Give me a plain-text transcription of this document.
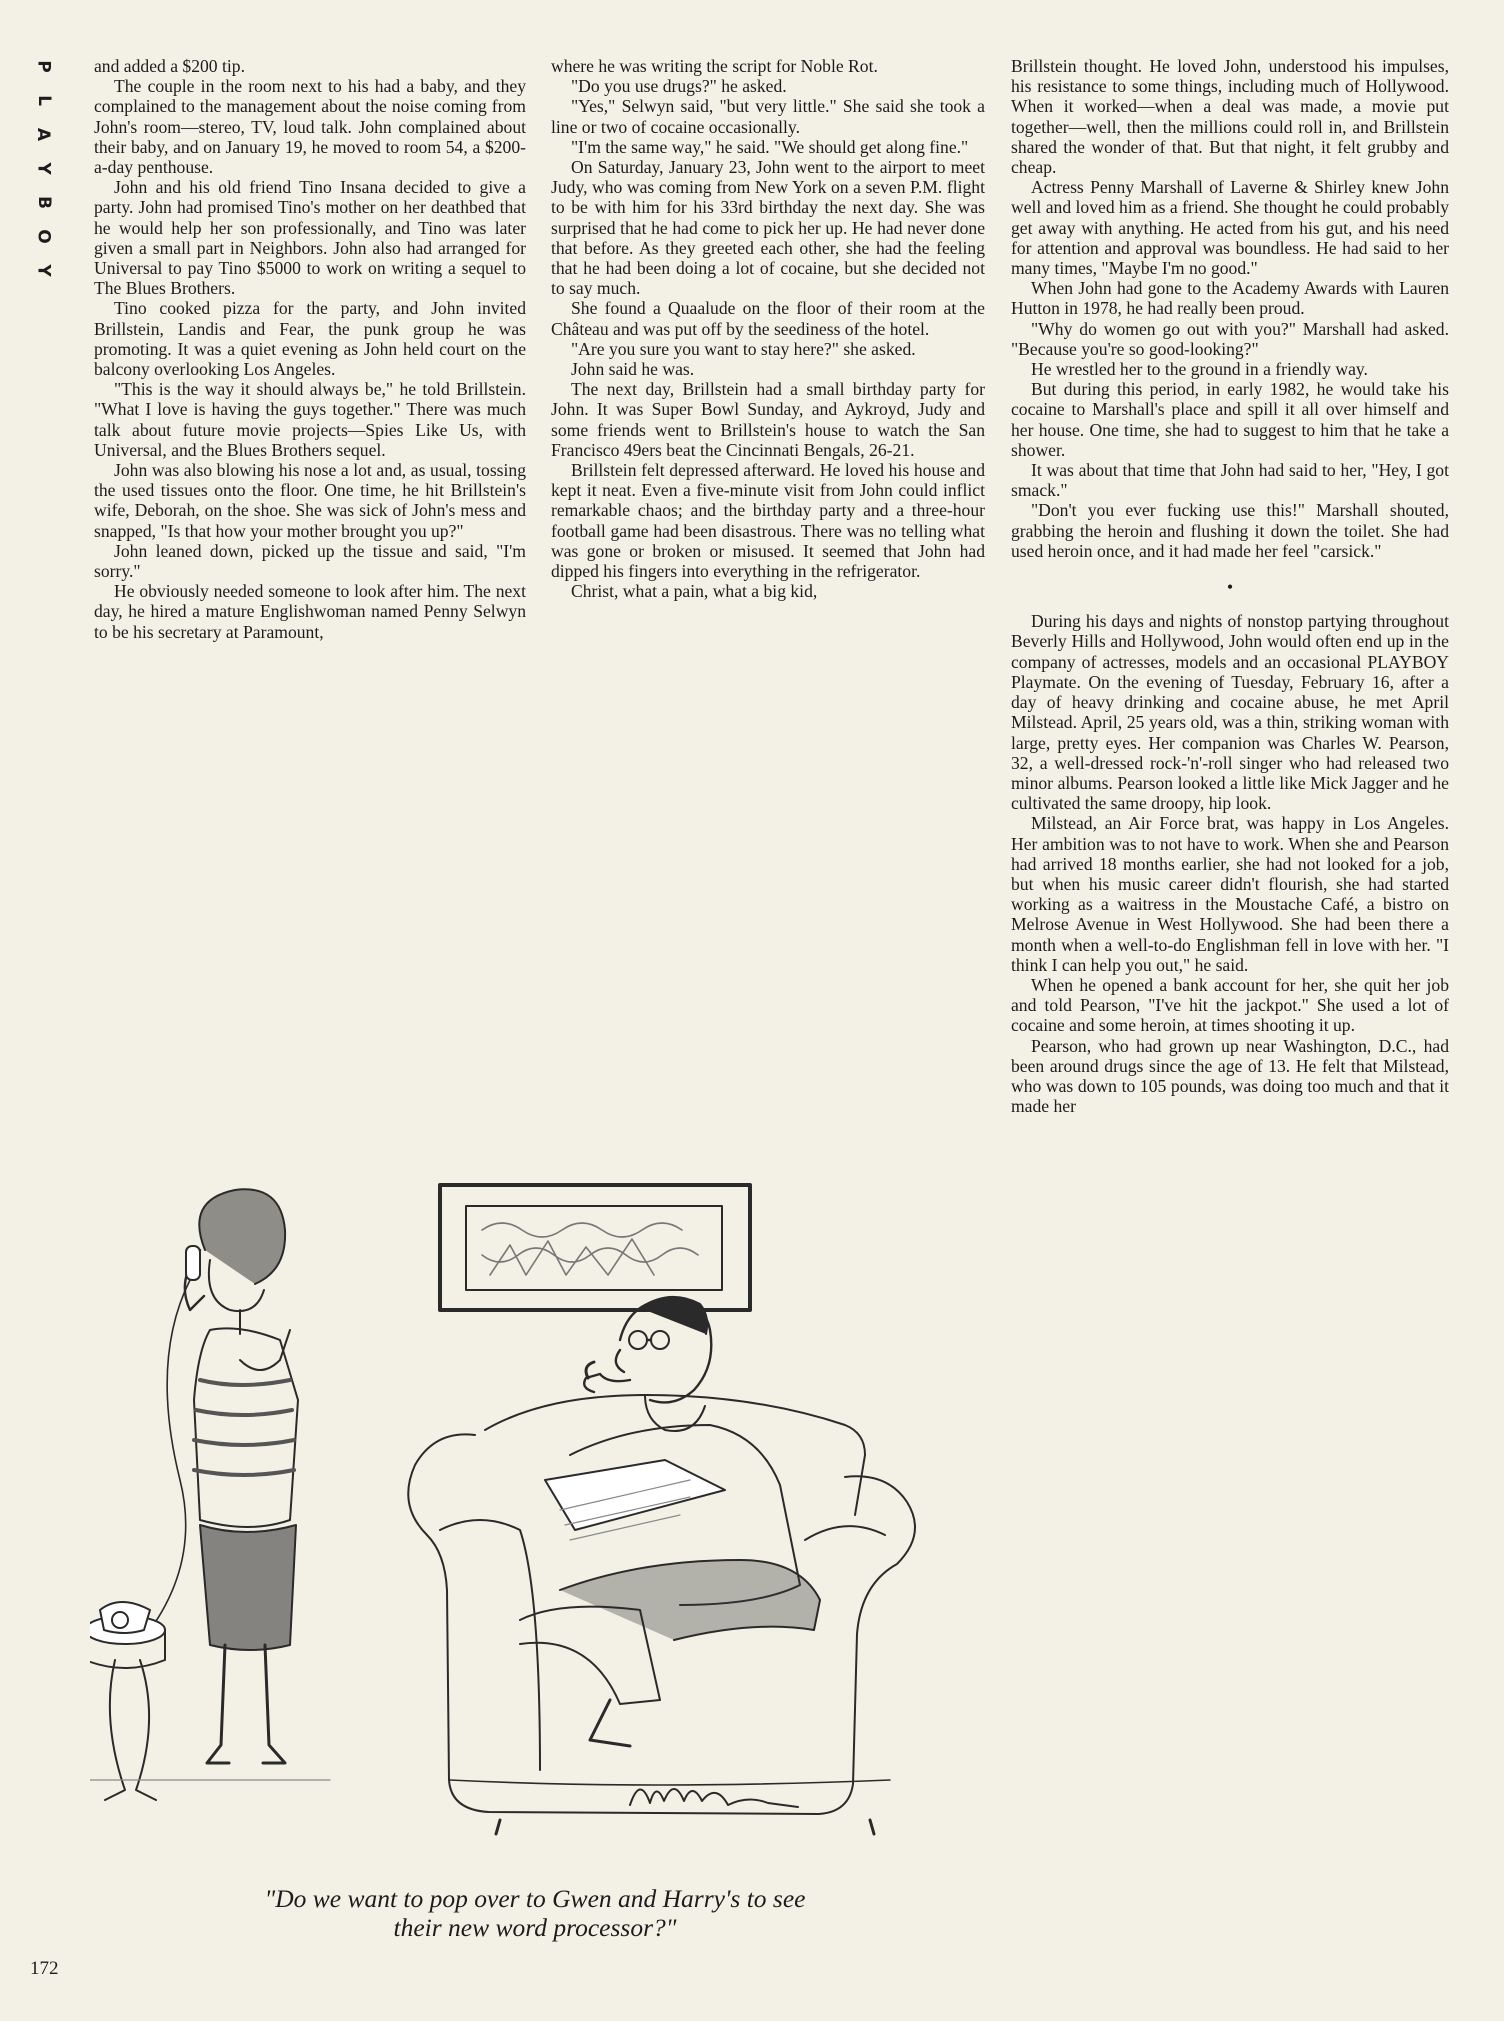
P
L
A
Y
B
O
Y

and added a $200 tip.

The couple in the room next to his had a baby, and they complained to the management about the noise coming from John's room—stereo, TV, loud talk. John complained about their baby, and on January 19, he moved to room 54, a $200-a-day penthouse.

John and his old friend Tino Insana decided to give a party. John had promised Tino's mother on her deathbed that he would help her son professionally, and Tino was later given a small part in Neighbors. John also had arranged for Universal to pay Tino $5000 to work on writing a sequel to The Blues Brothers.

Tino cooked pizza for the party, and John invited Brillstein, Landis and Fear, the punk group he was promoting. It was a quiet evening as John held court on the balcony overlooking Los Angeles.

"This is the way it should always be," he told Brillstein. "What I love is having the guys together." There was much talk about future movie projects—Spies Like Us, with Universal, and the Blues Brothers sequel.

John was also blowing his nose a lot and, as usual, tossing the used tissues onto the floor. One time, he hit Brillstein's wife, Deborah, on the shoe. She was sick of John's mess and snapped, "Is that how your mother brought you up?"

John leaned down, picked up the tissue and said, "I'm sorry."

He obviously needed someone to look after him. The next day, he hired a mature Englishwoman named Penny Selwyn to be his secretary at Paramount,

where he was writing the script for Noble Rot.

"Do you use drugs?" he asked.

"Yes," Selwyn said, "but very little." She said she took a line or two of cocaine occasionally.

"I'm the same way," he said. "We should get along fine."

On Saturday, January 23, John went to the airport to meet Judy, who was coming from New York on a seven P.M. flight to be with him for his 33rd birthday the next day. She was surprised that he had come to pick her up. He had never done that before. As they greeted each other, she had the feeling that he had been doing a lot of cocaine, but she decided not to say much.

She found a Quaalude on the floor of their room at the Château and was put off by the seediness of the hotel.

"Are you sure you want to stay here?" she asked.

John said he was.

The next day, Brillstein had a small birthday party for John. It was Super Bowl Sunday, and Aykroyd, Judy and some friends went to Brillstein's house to watch the San Francisco 49ers beat the Cincinnati Bengals, 26-21.

Brillstein felt depressed afterward. He loved his house and kept it neat. Even a five-minute visit from John could inflict remarkable chaos; and the birthday party and a three-hour football game had been disastrous. There was no telling what was gone or broken or misused. It seemed that John had dipped his fingers into everything in the refrigerator.

Christ, what a pain, what a big kid,

Brillstein thought. He loved John, understood his impulses, his resistance to some things, including much of Hollywood. When it worked—when a deal was made, a movie put together—well, then the millions could roll in, and Brillstein shared the wonder of that. But that night, it felt grubby and cheap.

Actress Penny Marshall of Laverne & Shirley knew John well and loved him as a friend. She thought he could probably get away with anything. He acted from his gut, and his need for attention and approval was boundless. He had said to her many times, "Maybe I'm no good."

When John had gone to the Academy Awards with Lauren Hutton in 1978, he had really been proud.

"Why do women go out with you?" Marshall had asked. "Because you're so good-looking?"

He wrestled her to the ground in a friendly way.

But during this period, in early 1982, he would take his cocaine to Marshall's place and spill it all over himself and her house. One time, she had to suggest to him that he take a shower.

It was about that time that John had said to her, "Hey, I got smack."

"Don't you ever fucking use this!" Marshall shouted, grabbing the heroin and flushing it down the toilet. She had used heroin once, and it had made her feel "carsick."

•

During his days and nights of nonstop partying throughout Beverly Hills and Hollywood, John would often end up in the company of actresses, models and an occasional PLAYBOY Playmate. On the evening of Tuesday, February 16, after a day of heavy drinking and cocaine abuse, he met April Milstead. April, 25 years old, was a thin, striking woman with large, pretty eyes. Her companion was Charles W. Pearson, 32, a well-dressed rock-'n'-roll singer who had released two minor albums. Pearson looked a little like Mick Jagger and he cultivated the same droopy, hip look.

Milstead, an Air Force brat, was happy in Los Angeles. Her ambition was to not have to work. When she and Pearson had arrived 18 months earlier, she had not looked for a job, but when his music career didn't flourish, she had started working as a waitress in the Moustache Café, a bistro on Melrose Avenue in West Hollywood. She had been there a month when a well-to-do Englishman fell in love with her. "I think I can help you out," he said.

When he opened a bank account for her, she quit her job and told Pearson, "I've hit the jackpot." She used a lot of cocaine and some heroin, at times shooting it up.

Pearson, who had grown up near Washington, D.C., had been around drugs since the age of 13. He felt that Milstead, who was down to 105 pounds, was doing too much and that it made her

"Do we want to pop over to Gwen and Harry's to see
their new word processor?"
172
